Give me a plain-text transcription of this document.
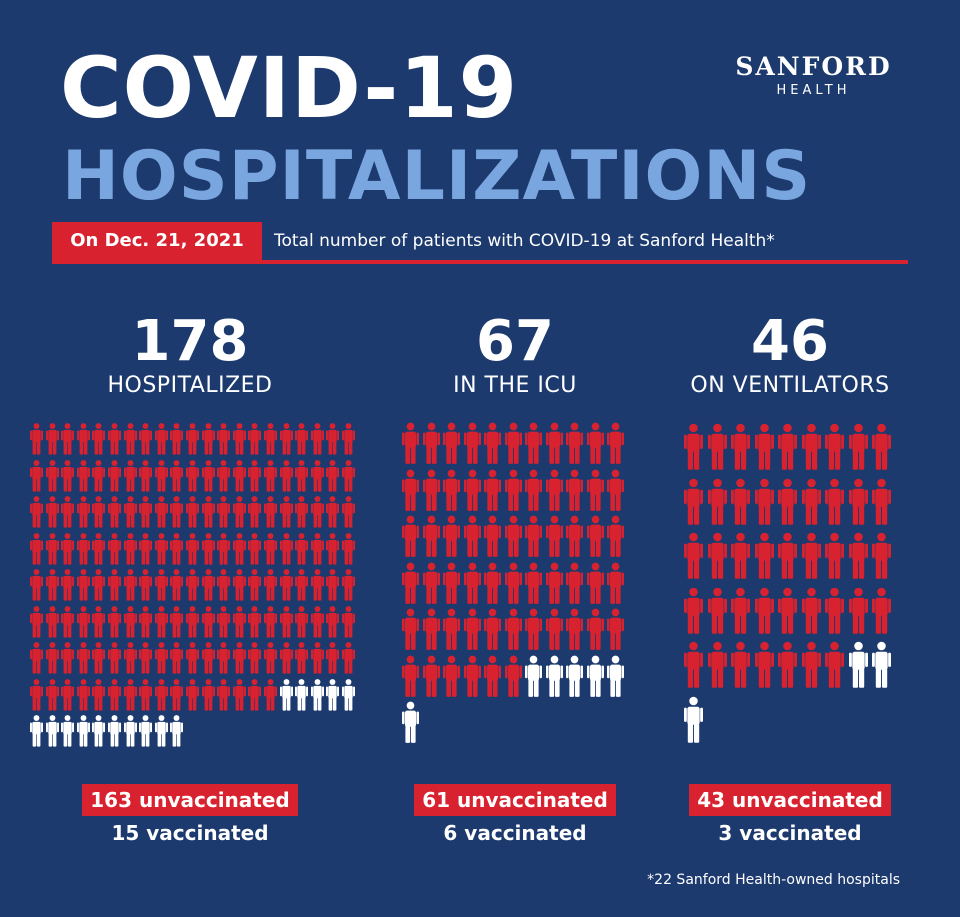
COVID-19
HOSPITALIZATIONS
SANFORD
HEALTH
On Dec. 21, 2021	Total number of patients with COVID-19 at Sanford Health*
178
HOSPITALIZED
163 unvaccinated
15 vaccinated
67
IN THE ICU
61 unvaccinated
6 vaccinated
46
ON VENTILATORS
43 unvaccinated
3 vaccinated
*22 Sanford Health-owned hospitals
